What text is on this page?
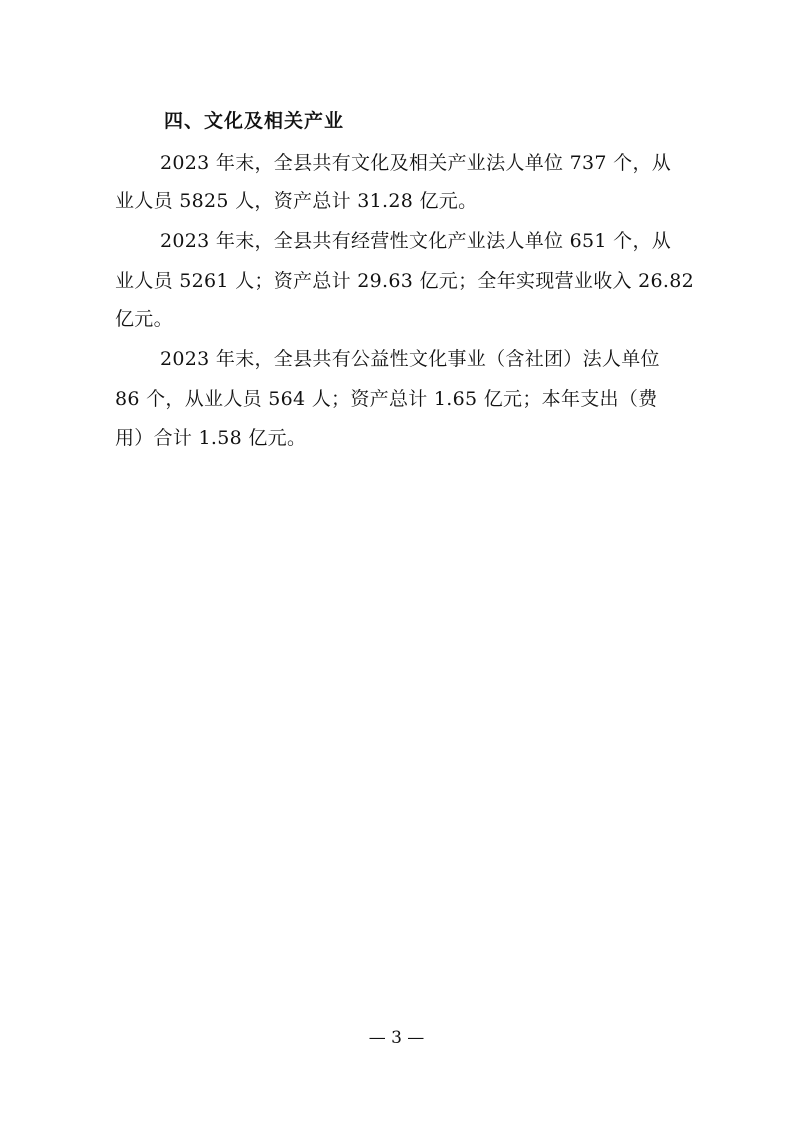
四、文化及相关产业
2023 年末，全县共有文化及相关产业法人单位 737 个，从
业人员 5825 人，资产总计 31.28 亿元。
2023 年末，全县共有经营性文化产业法人单位 651 个，从
业人员 5261 人；资产总计 29.63 亿元；全年实现营业收入 26.82
亿元。
2023 年末，全县共有公益性文化事业（含社团）法人单位
86 个，从业人员 564 人；资产总计 1.65 亿元；本年支出（费
用）合计 1.58 亿元。
— 3 —
